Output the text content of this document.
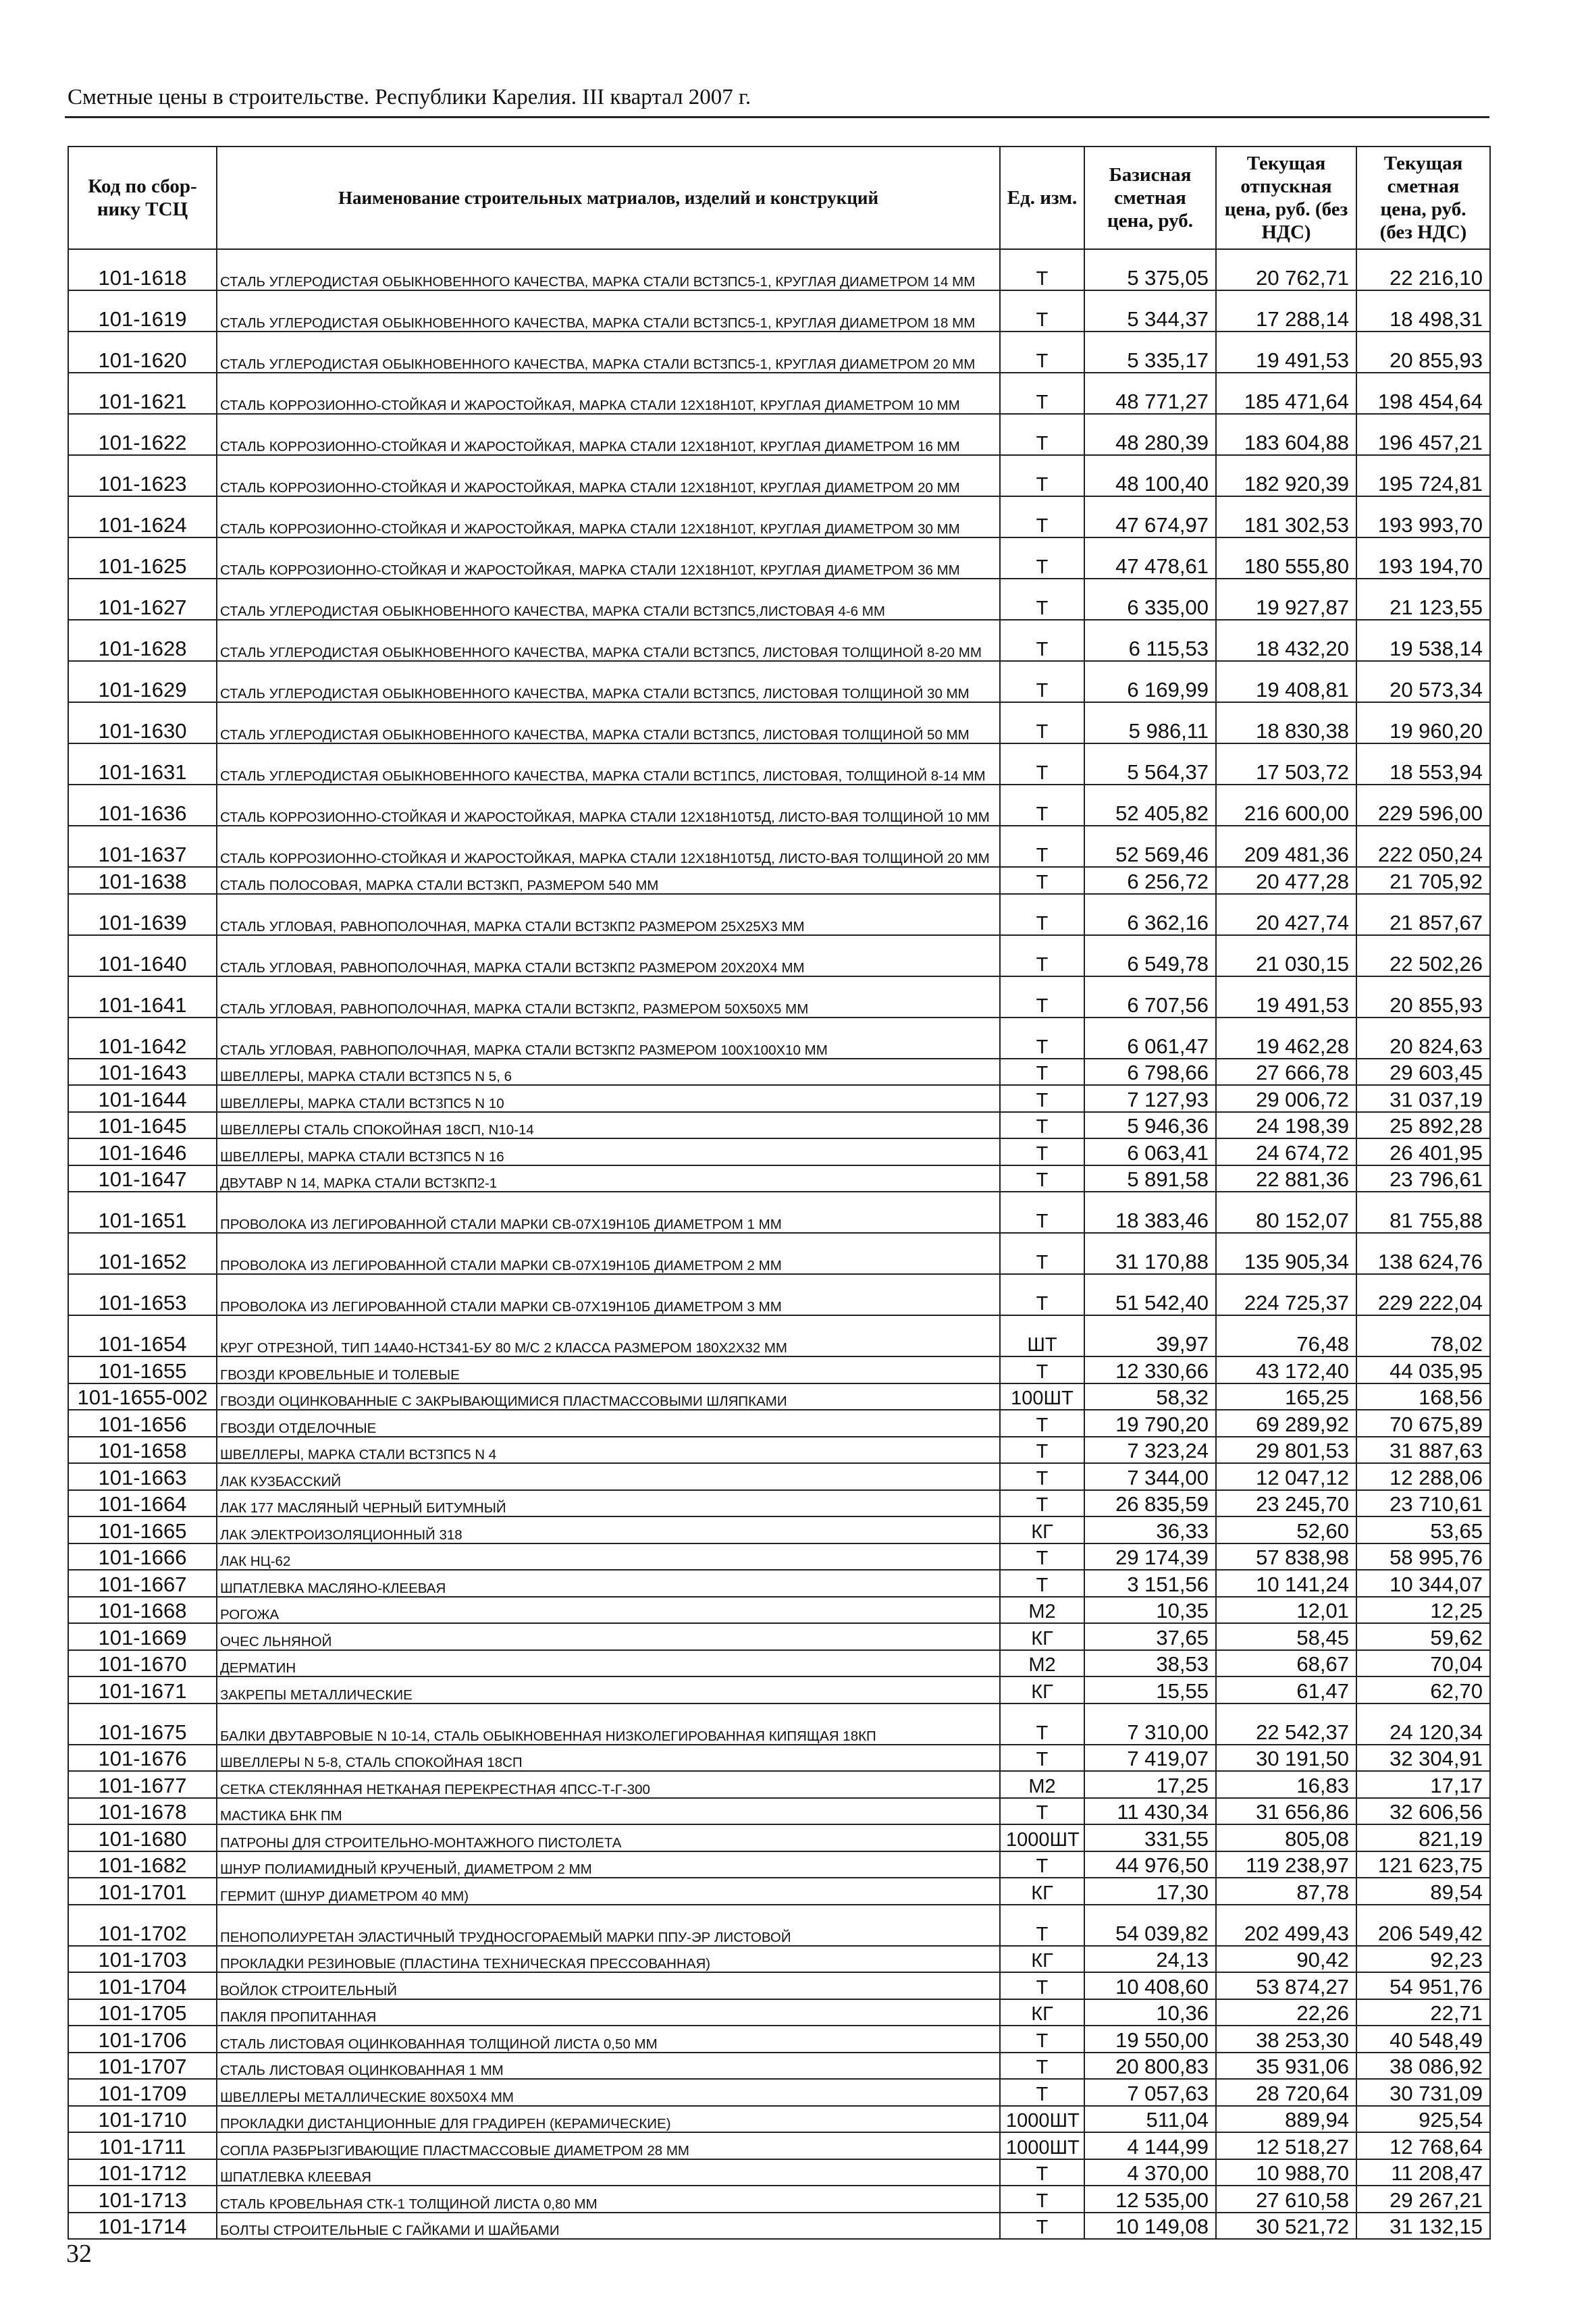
Сметные цены в строительстве. Республики Карелия. III квартал 2007 г.
Код по сбор-нику ТСЦ	Наименование строительных матриалов, изделий и конструкций	Ед. изм.	Базисная сметная цена, руб.	Текущая отпускная цена, руб. (без НДС)	Текущая сметная цена, руб. (без НДС)
101-1618	СТАЛЬ УГЛЕРОДИСТАЯ ОБЫКНОВЕННОГО КАЧЕСТВА, МАРКА СТАЛИ ВСТ3ПС5-1, КРУГЛАЯ ДИАМЕТРОМ 14 ММ	Т	5 375,05	20 762,71	22 216,10
101-1619	СТАЛЬ УГЛЕРОДИСТАЯ ОБЫКНОВЕННОГО КАЧЕСТВА, МАРКА СТАЛИ ВСТ3ПС5-1, КРУГЛАЯ ДИАМЕТРОМ 18 ММ	Т	5 344,37	17 288,14	18 498,31
101-1620	СТАЛЬ УГЛЕРОДИСТАЯ ОБЫКНОВЕННОГО КАЧЕСТВА, МАРКА СТАЛИ ВСТ3ПС5-1, КРУГЛАЯ ДИАМЕТРОМ 20 ММ	Т	5 335,17	19 491,53	20 855,93
101-1621	СТАЛЬ КОРРОЗИОННО-СТОЙКАЯ И ЖАРОСТОЙКАЯ, МАРКА СТАЛИ 12Х18Н10Т, КРУГЛАЯ ДИАМЕТРОМ 10 ММ	Т	48 771,27	185 471,64	198 454,64
101-1622	СТАЛЬ КОРРОЗИОННО-СТОЙКАЯ И ЖАРОСТОЙКАЯ, МАРКА СТАЛИ 12Х18Н10Т, КРУГЛАЯ ДИАМЕТРОМ 16 ММ	Т	48 280,39	183 604,88	196 457,21
101-1623	СТАЛЬ КОРРОЗИОННО-СТОЙКАЯ И ЖАРОСТОЙКАЯ, МАРКА СТАЛИ 12Х18Н10Т, КРУГЛАЯ ДИАМЕТРОМ 20 ММ	Т	48 100,40	182 920,39	195 724,81
101-1624	СТАЛЬ КОРРОЗИОННО-СТОЙКАЯ И ЖАРОСТОЙКАЯ, МАРКА СТАЛИ 12Х18Н10Т, КРУГЛАЯ ДИАМЕТРОМ 30 ММ	Т	47 674,97	181 302,53	193 993,70
101-1625	СТАЛЬ КОРРОЗИОННО-СТОЙКАЯ И ЖАРОСТОЙКАЯ, МАРКА СТАЛИ 12Х18Н10Т, КРУГЛАЯ ДИАМЕТРОМ 36 ММ	Т	47 478,61	180 555,80	193 194,70
101-1627	СТАЛЬ УГЛЕРОДИСТАЯ ОБЫКНОВЕННОГО КАЧЕСТВА, МАРКА СТАЛИ ВСТ3ПС5,ЛИСТОВАЯ 4-6 ММ	Т	6 335,00	19 927,87	21 123,55
101-1628	СТАЛЬ УГЛЕРОДИСТАЯ ОБЫКНОВЕННОГО КАЧЕСТВА, МАРКА СТАЛИ ВСТ3ПС5, ЛИСТОВАЯ ТОЛЩИНОЙ 8-20 ММ	Т	6 115,53	18 432,20	19 538,14
101-1629	СТАЛЬ УГЛЕРОДИСТАЯ ОБЫКНОВЕННОГО КАЧЕСТВА, МАРКА СТАЛИ ВСТ3ПС5, ЛИСТОВАЯ ТОЛЩИНОЙ 30 ММ	Т	6 169,99	19 408,81	20 573,34
101-1630	СТАЛЬ УГЛЕРОДИСТАЯ ОБЫКНОВЕННОГО КАЧЕСТВА, МАРКА СТАЛИ ВСТ3ПС5, ЛИСТОВАЯ ТОЛЩИНОЙ 50 ММ	Т	5 986,11	18 830,38	19 960,20
101-1631	СТАЛЬ УГЛЕРОДИСТАЯ ОБЫКНОВЕННОГО КАЧЕСТВА, МАРКА СТАЛИ ВСТ1ПС5, ЛИСТОВАЯ, ТОЛЩИНОЙ 8-14 ММ	Т	5 564,37	17 503,72	18 553,94
101-1636	СТАЛЬ КОРРОЗИОННО-СТОЙКАЯ И ЖАРОСТОЙКАЯ, МАРКА СТАЛИ 12Х18Н10Т5Д, ЛИСТО-ВАЯ ТОЛЩИНОЙ 10 ММ	Т	52 405,82	216 600,00	229 596,00
101-1637	СТАЛЬ КОРРОЗИОННО-СТОЙКАЯ И ЖАРОСТОЙКАЯ, МАРКА СТАЛИ 12Х18Н10Т5Д, ЛИСТО-ВАЯ ТОЛЩИНОЙ 20 ММ	Т	52 569,46	209 481,36	222 050,24
101-1638	СТАЛЬ ПОЛОСОВАЯ, МАРКА СТАЛИ ВСТ3КП, РАЗМЕРОМ 540 ММ	Т	6 256,72	20 477,28	21 705,92
101-1639	СТАЛЬ УГЛОВАЯ, РАВНОПОЛОЧНАЯ, МАРКА СТАЛИ ВСТ3КП2 РАЗМЕРОМ 25Х25Х3 ММ	Т	6 362,16	20 427,74	21 857,67
101-1640	СТАЛЬ УГЛОВАЯ, РАВНОПОЛОЧНАЯ, МАРКА СТАЛИ ВСТ3КП2 РАЗМЕРОМ 20Х20Х4 ММ	Т	6 549,78	21 030,15	22 502,26
101-1641	СТАЛЬ УГЛОВАЯ, РАВНОПОЛОЧНАЯ, МАРКА СТАЛИ ВСТ3КП2, РАЗМЕРОМ 50Х50Х5 ММ	Т	6 707,56	19 491,53	20 855,93
101-1642	СТАЛЬ УГЛОВАЯ, РАВНОПОЛОЧНАЯ, МАРКА СТАЛИ ВСТ3КП2 РАЗМЕРОМ 100Х100Х10 ММ	Т	6 061,47	19 462,28	20 824,63
101-1643	ШВЕЛЛЕРЫ, МАРКА СТАЛИ ВСТ3ПС5 N 5, 6	Т	6 798,66	27 666,78	29 603,45
101-1644	ШВЕЛЛЕРЫ, МАРКА СТАЛИ ВСТ3ПС5 N 10	Т	7 127,93	29 006,72	31 037,19
101-1645	ШВЕЛЛЕРЫ СТАЛЬ СПОКОЙНАЯ 18СП, N10-14	Т	5 946,36	24 198,39	25 892,28
101-1646	ШВЕЛЛЕРЫ, МАРКА СТАЛИ ВСТ3ПС5 N 16	Т	6 063,41	24 674,72	26 401,95
101-1647	ДВУТАВР N 14, МАРКА СТАЛИ ВСТ3КП2-1	Т	5 891,58	22 881,36	23 796,61
101-1651	ПРОВОЛОКА ИЗ ЛЕГИРОВАННОЙ СТАЛИ МАРКИ СВ-07Х19Н10Б ДИАМЕТРОМ 1 ММ	Т	18 383,46	80 152,07	81 755,88
101-1652	ПРОВОЛОКА ИЗ ЛЕГИРОВАННОЙ СТАЛИ МАРКИ СВ-07Х19Н10Б ДИАМЕТРОМ 2 ММ	Т	31 170,88	135 905,34	138 624,76
101-1653	ПРОВОЛОКА ИЗ ЛЕГИРОВАННОЙ СТАЛИ МАРКИ СВ-07Х19Н10Б ДИАМЕТРОМ 3 ММ	Т	51 542,40	224 725,37	229 222,04
101-1654	КРУГ ОТРЕЗНОЙ, ТИП 14А40-НСТ341-БУ 80 М/С 2 КЛАССА РАЗМЕРОМ 180Х2Х32 ММ	ШТ	39,97	76,48	78,02
101-1655	ГВОЗДИ КРОВЕЛЬНЫЕ И ТОЛЕВЫЕ	Т	12 330,66	43 172,40	44 035,95
101-1655-002	ГВОЗДИ ОЦИНКОВАННЫЕ С ЗАКРЫВАЮЩИМИСЯ ПЛАСТМАССОВЫМИ ШЛЯПКАМИ	100ШТ	58,32	165,25	168,56
101-1656	ГВОЗДИ ОТДЕЛОЧНЫЕ	Т	19 790,20	69 289,92	70 675,89
101-1658	ШВЕЛЛЕРЫ, МАРКА СТАЛИ ВСТ3ПС5 N 4	Т	7 323,24	29 801,53	31 887,63
101-1663	ЛАК КУЗБАССКИЙ	Т	7 344,00	12 047,12	12 288,06
101-1664	ЛАК 177 МАСЛЯНЫЙ ЧЕРНЫЙ БИТУМНЫЙ	Т	26 835,59	23 245,70	23 710,61
101-1665	ЛАК ЭЛЕКТРОИЗОЛЯЦИОННЫЙ 318	КГ	36,33	52,60	53,65
101-1666	ЛАК НЦ-62	Т	29 174,39	57 838,98	58 995,76
101-1667	ШПАТЛЕВКА МАСЛЯНО-КЛЕЕВАЯ	Т	3 151,56	10 141,24	10 344,07
101-1668	РОГОЖА	М2	10,35	12,01	12,25
101-1669	ОЧЕС ЛЬНЯНОЙ	КГ	37,65	58,45	59,62
101-1670	ДЕРМАТИН	М2	38,53	68,67	70,04
101-1671	ЗАКРЕПЫ МЕТАЛЛИЧЕСКИЕ	КГ	15,55	61,47	62,70
101-1675	БАЛКИ ДВУТАВРОВЫЕ N 10-14, СТАЛЬ ОБЫКНОВЕННАЯ НИЗКОЛЕГИРОВАННАЯ КИПЯЩАЯ 18КП	Т	7 310,00	22 542,37	24 120,34
101-1676	ШВЕЛЛЕРЫ N 5-8, СТАЛЬ СПОКОЙНАЯ 18СП	Т	7 419,07	30 191,50	32 304,91
101-1677	СЕТКА СТЕКЛЯННАЯ НЕТКАНАЯ ПЕРЕКРЕСТНАЯ 4ПСС-Т-Г-300	М2	17,25	16,83	17,17
101-1678	МАСТИКА БНК ПМ	Т	11 430,34	31 656,86	32 606,56
101-1680	ПАТРОНЫ ДЛЯ СТРОИТЕЛЬНО-МОНТАЖНОГО ПИСТОЛЕТА	1000ШТ	331,55	805,08	821,19
101-1682	ШНУР ПОЛИАМИДНЫЙ КРУЧЕНЫЙ, ДИАМЕТРОМ 2 ММ	Т	44 976,50	119 238,97	121 623,75
101-1701	ГЕРМИТ (ШНУР ДИАМЕТРОМ 40 ММ)	КГ	17,30	87,78	89,54
101-1702	ПЕНОПОЛИУРЕТАН ЭЛАСТИЧНЫЙ ТРУДНОСГОРАЕМЫЙ МАРКИ ППУ-ЭР ЛИСТОВОЙ	Т	54 039,82	202 499,43	206 549,42
101-1703	ПРОКЛАДКИ РЕЗИНОВЫЕ (ПЛАСТИНА ТЕХНИЧЕСКАЯ ПРЕССОВАННАЯ)	КГ	24,13	90,42	92,23
101-1704	ВОЙЛОК СТРОИТЕЛЬНЫЙ	Т	10 408,60	53 874,27	54 951,76
101-1705	ПАКЛЯ ПРОПИТАННАЯ	КГ	10,36	22,26	22,71
101-1706	СТАЛЬ ЛИСТОВАЯ ОЦИНКОВАННАЯ ТОЛЩИНОЙ ЛИСТА 0,50 ММ	Т	19 550,00	38 253,30	40 548,49
101-1707	СТАЛЬ ЛИСТОВАЯ ОЦИНКОВАННАЯ 1 ММ	Т	20 800,83	35 931,06	38 086,92
101-1709	ШВЕЛЛЕРЫ МЕТАЛЛИЧЕСКИЕ 80Х50Х4 ММ	Т	7 057,63	28 720,64	30 731,09
101-1710	ПРОКЛАДКИ ДИСТАНЦИОННЫЕ ДЛЯ ГРАДИРЕН (КЕРАМИЧЕСКИЕ)	1000ШТ	511,04	889,94	925,54
101-1711	СОПЛА РАЗБРЫЗГИВАЮЩИЕ ПЛАСТМАССОВЫЕ ДИАМЕТРОМ 28 ММ	1000ШТ	4 144,99	12 518,27	12 768,64
101-1712	ШПАТЛЕВКА КЛЕЕВАЯ	Т	4 370,00	10 988,70	11 208,47
101-1713	СТАЛЬ КРОВЕЛЬНАЯ СТК-1 ТОЛЩИНОЙ ЛИСТА 0,80 ММ	Т	12 535,00	27 610,58	29 267,21
101-1714	БОЛТЫ СТРОИТЕЛЬНЫЕ С ГАЙКАМИ И ШАЙБАМИ	Т	10 149,08	30 521,72	31 132,15
32
